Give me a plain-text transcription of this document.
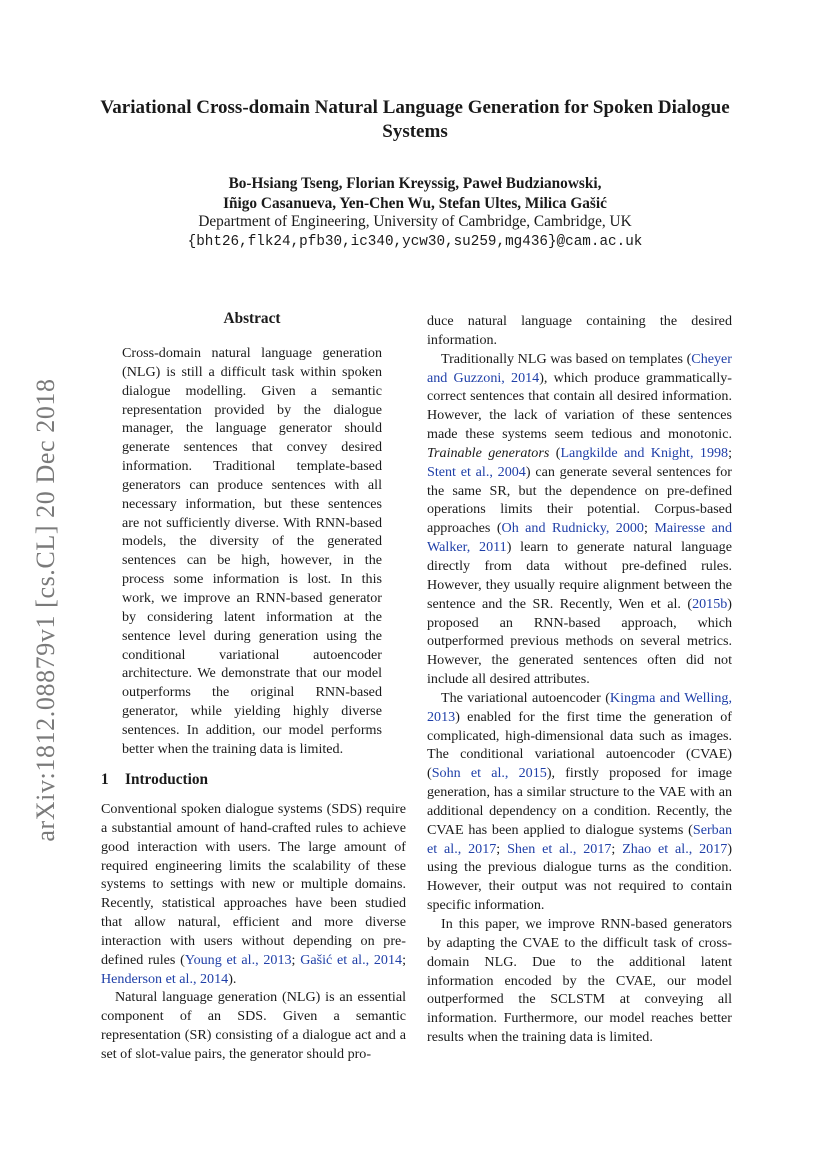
arXiv:1812.08879v1 [cs.CL] 20 Dec 2018
Variational Cross-domain Natural Language Generation for Spoken Dialogue Systems
Bo-Hsiang Tseng, Florian Kreyssig, Paweł Budzianowski,
Iñigo Casanueva, Yen-Chen Wu, Stefan Ultes, Milica Gašić
Department of Engineering, University of Cambridge, Cambridge, UK
{bht26,flk24,pfb30,ic340,ycw30,su259,mg436}@cam.ac.uk
Abstract
Cross-domain natural language generation (NLG) is still a difficult task within spoken dialogue modelling. Given a semantic representation provided by the dialogue manager, the language generator should generate sentences that convey desired information. Traditional template-based generators can produce sentences with all necessary information, but these sentences are not sufficiently diverse. With RNN-based models, the diversity of the generated sentences can be high, however, in the process some information is lost. In this work, we improve an RNN-based generator by considering latent information at the sentence level during generation using the conditional variational autoencoder architecture. We demonstrate that our model outperforms the original RNN-based generator, while yielding highly diverse sentences. In addition, our model performs better when the training data is limited.
1 Introduction

Conventional spoken dialogue systems (SDS) require a substantial amount of hand-crafted rules to achieve good interaction with users. The large amount of required engineering limits the scalability of these systems to settings with new or multiple domains. Recently, statistical approaches have been studied that allow natural, efficient and more diverse interaction with users without depending on pre-defined rules (Young et al., 2013; Gašić et al., 2014; Henderson et al., 2014).

Natural language generation (NLG) is an essential component of an SDS. Given a semantic representation (SR) consisting of a dialogue act and a set of slot-value pairs, the generator should pro-

duce natural language containing the desired information.

Traditionally NLG was based on templates (Cheyer and Guzzoni, 2014), which produce grammatically-correct sentences that contain all desired information. However, the lack of variation of these sentences made these systems seem tedious and monotonic. Trainable generators (Langkilde and Knight, 1998; Stent et al., 2004) can generate several sentences for the same SR, but the dependence on pre-defined operations limits their potential. Corpus-based approaches (Oh and Rudnicky, 2000; Mairesse and Walker, 2011) learn to generate natural language directly from data without pre-defined rules. However, they usually require alignment between the sentence and the SR. Recently, Wen et al. (2015b) proposed an RNN-based approach, which outperformed previous methods on several metrics. However, the generated sentences often did not include all desired attributes.

The variational autoencoder (Kingma and Welling, 2013) enabled for the first time the generation of complicated, high-dimensional data such as images. The conditional variational autoencoder (CVAE) (Sohn et al., 2015), firstly proposed for image generation, has a similar structure to the VAE with an additional dependency on a condition. Recently, the CVAE has been applied to dialogue systems (Serban et al., 2017; Shen et al., 2017; Zhao et al., 2017) using the previous dialogue turns as the condition. However, their output was not required to contain specific information.

In this paper, we improve RNN-based generators by adapting the CVAE to the difficult task of cross-domain NLG. Due to the additional latent information encoded by the CVAE, our model outperformed the SCLSTM at conveying all information. Furthermore, our model reaches better results when the training data is limited.
